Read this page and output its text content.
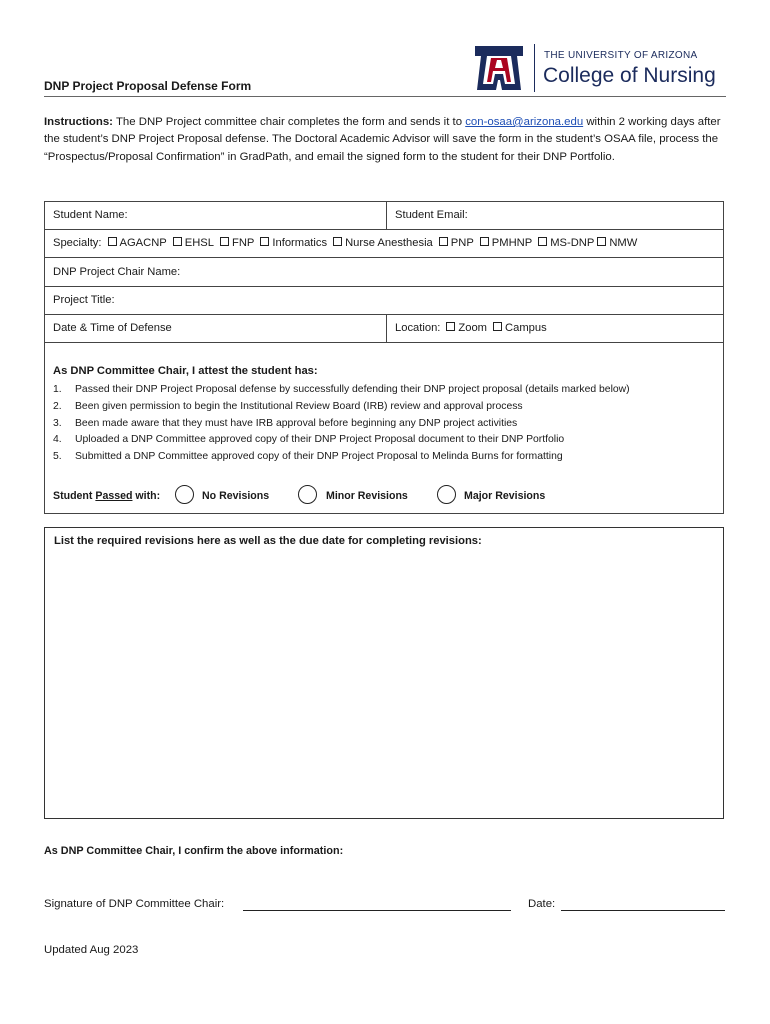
THE UNIVERSITY OF ARIZONA
College of Nursing
DNP Project Proposal Defense Form
Instructions: The DNP Project committee chair completes the form and sends it to con-osaa@arizona.edu within 2 working days after the student’s DNP Project Proposal defense. The Doctoral Academic Advisor will save the form in the student’s OSAA file, process the “Prospectus/Proposal Confirmation” in GradPath, and email the signed form to the student for their DNP Portfolio.
Student Name:	Student Email:
Specialty: AGACNP EHSL FNP Informatics Nurse Anesthesia PNP PMHNP MS-DNP NMW
DNP Project Chair Name:
Project Title:
Date & Time of Defense	Location: Zoom Campus
As DNP Committee Chair, I attest the student has:
1. Passed their DNP Project Proposal defense by successfully defending their DNP project proposal (details marked below)
2. Been given permission to begin the Institutional Review Board (IRB) review and approval process
3. Been made aware that they must have IRB approval before beginning any DNP project activities
4. Uploaded a DNP Committee approved copy of their DNP Project Proposal document to their DNP Portfolio
5. Submitted a DNP Committee approved copy of their DNP Project Proposal to Melinda Burns for formatting
Student Passed with:	No Revisions	Minor Revisions	Major Revisions
List the required revisions here as well as the due date for completing revisions:
As DNP Committee Chair, I confirm the above information:
Signature of DNP Committee Chair:	Date:
Updated Aug 2023
